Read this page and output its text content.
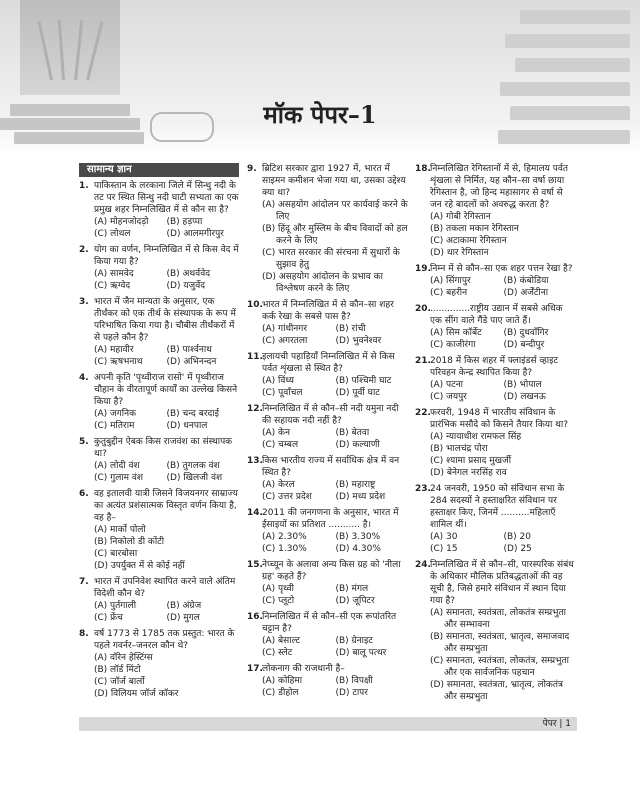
मॉक पेपर–1
सामान्य ज्ञान
1. पाकिस्तान के लरकाना जिले में सिन्धु नदी के तट पर स्थित सिन्धु नदी घाटी सभ्यता का एक प्रमुख शहर निम्नलिखित में से कौन सा है?
(A) मोहनजोदड़ो	(B) हड़प्पा
(C) लोथल	(D) आलमगीरपुर
2. योग का वर्णन, निम्नलिखित में से किस वेद में किया गया है?
(A) सामवेद	(B) अथर्ववेद
(C) ऋग्वेद	(D) यजुर्वेद
3. भारत में जैन मान्यता के अनुसार, एक तीर्थंकर को एक तीर्थ के संस्थापक के रूप में परिभाषित किया गया है। चौबीस तीर्थंकरों में से पहले कौन है?
(A) महावीर	(B) पार्श्वनाथ
(C) ऋषभनाथ	(D) अभिनन्दन
4. अपनी कृति 'पृथ्वीराज रासो' में पृथ्वीराज चौहान के वीरतापूर्ण कार्यों का उल्लेख किसने किया है?
(A) जगनिक	(B) चन्द बरदाई
(C) मतिराम	(D) धनपाल
5. कुतुबुद्दीन ऐबक किस राजवंश का संस्थापक था?
(A) लोदी वंश	(B) तुगलक वंश
(C) गुलाम वंश	(D) खिलजी वंश
6. वह इतालवी यात्री जिसने विजयनगर साम्राज्य का अत्यंत प्रशंसात्मक विस्तृत वर्णन किया है, वह है–
(A) मार्को पोलो
(B) निकोलो डी कोंटी
(C) बारबोसा
(D) उपर्युक्त में से कोई नहीं
7. भारत में उपनिवेश स्थापित करने वाले अंतिम विदेशी कौन थे?
(A) पुर्तगाली	(B) अंग्रेज
(C) फ्रेंच	(D) मुगल
8. वर्ष 1773 से 1785 तक प्रस्तुत: भारत के पहले गवर्नर–जनरल कौन थे?
(A) वॉरेन हेस्टिंग्स
(B) लॉर्ड मिंटो
(C) जॉर्ज बार्लो
(D) विलियम जॉर्ज कॉकर
9. ब्रिटिश सरकार द्वारा 1927 में, भारत में साइमन कमीशन भेजा गया था, उसका उद्देश्य क्या था?
(A) असहयोग आंदोलन पर कार्यवाई करने के लिए
(B) हिंदू और मुस्लिम के बीच विवादों को हल करने के लिए
(C) भारत सरकार की संरचना में सुधारों के सुझाव हेतु
(D) असहयोग आंदोलन के प्रभाव का विश्लेषण करने के लिए
10. भारत में निम्नलिखित में से कौन–सा शहर कर्क रेखा के सबसे पास है?
(A) गांधीनगर	(B) रांची
(C) अगरतला	(D) भुवनेश्वर
11. इलायची पहाड़ियाँ निम्नलिखित में से किस पर्वत शृंखला से स्थित है?
(A) विंध्य	(B) पश्चिमी घाट
(C) पूर्वांचल	(D) पूर्वी घाट
12. निम्नलिखित में से कौन–सी नदी यमुना नदी की सहायक नदी नहीं है?
(A) केन	(B) बेतवा
(C) चम्बल	(D) कल्याणी
13. किस भारतीय राज्य में सर्वाधिक क्षेत्र में वन स्थित है?
(A) केरल	(B) महाराष्ट्र
(C) उत्तर प्रदेश	(D) मध्य प्रदेश
14. 2011 की जनगणना के अनुसार, भारत में ईसाइयों का प्रतिशत ........... है।
(A) 2.30%	(B) 3.30%
(C) 1.30%	(D) 4.30%
15. नेप्च्यून के अलावा अन्य किस ग्रह को 'नीला ग्रह' कहते हैं?
(A) पृथ्वी	(B) मंगल
(C) प्लूटो	(D) जूपिटर
16. निम्नलिखित में से कौन–सी एक रूपांतरित चट्टान है?
(A) बेसाल्ट	(B) ग्रेनाइट
(C) स्लेट	(D) बालू पत्थर
17. लोकनाग की राजधानी है–
(A) कोहिमा	(B) विपक्षी
(C) डीहोल	(D) टापर
18. निम्नलिखित रेगिस्तानों में से, हिमालय पर्वत शृंखला से निर्मित, यह कौन–सा वर्षा छाया रेगिस्तान है, जो हिन्द महासागर से वर्षा से जन रहे बादलों को अवरुद्ध करता है?
(A) गोबी रेगिस्तान
(B) तकला मकान रेगिस्तान
(C) अटाकामा रेगिस्तान
(D) थार रेगिस्तान
19. निम्न में से कौन–सा एक शहर पत्तन रेखा है?
(A) सिंगापुर	(B) कंबोडिया
(C) बहरीन	(D) अर्जेंटीना
20. ..............राष्ट्रीय उद्यान में सबसे अधिक एक सींग वाले गैंडे पाए जाते हैं।
(A) सिम कॉर्बेट	(B) दुधवाँगिर
(C) काजीरंगा	(D) बन्दीपुर
21. 2018 में किस शहर में फ्लाइंडर्स व्हाइट परिवहन केन्द्र स्थापित किया है?
(A) पटना	(B) भोपाल
(C) जयपुर	(D) लखनऊ
22. फरवरी, 1948 में भारतीय संविधान के प्रारंभिक मसौदे को किसने तैयार किया था?
(A) न्यायाधीश रामफल सिंह
(B) भालचंद्र पोरा
(C) श्यामा प्रसाद मुखर्जी
(D) बेनेगल नरसिंह राव
23. 24 जनवरी, 1950 को संविधान सभा के 284 सदस्यों ने हस्ताक्षरित संविधान पर हस्ताक्षर किए, जिनमें ..........महिलाएँ शामिल थीं।
(A) 30	(B) 20
(C) 15	(D) 25
24. निम्नलिखित में से कौन–सी, पारस्परिक संबंध के अधिकार मौलिक प्रतिबद्धताओं की वह सूची है, जिसे हमारे संविधान में स्थान दिया गया है?
(A) समानता, स्वतंत्रता, लोकतंत्र सम्प्रभुता और सम्भावना
(B) समानता, स्वतंत्रता, भ्रातृत्व, समाजवाद और सम्प्रभुता
(C) समानता, स्वतंत्रता, लोकतंत्र, सम्प्रभुता और एक सार्वजनिक पहचान
(D) समानता, स्वतंत्रता, भ्रातृत्व, लोकतंत्र और सम्प्रभुता
पेपर | 1
